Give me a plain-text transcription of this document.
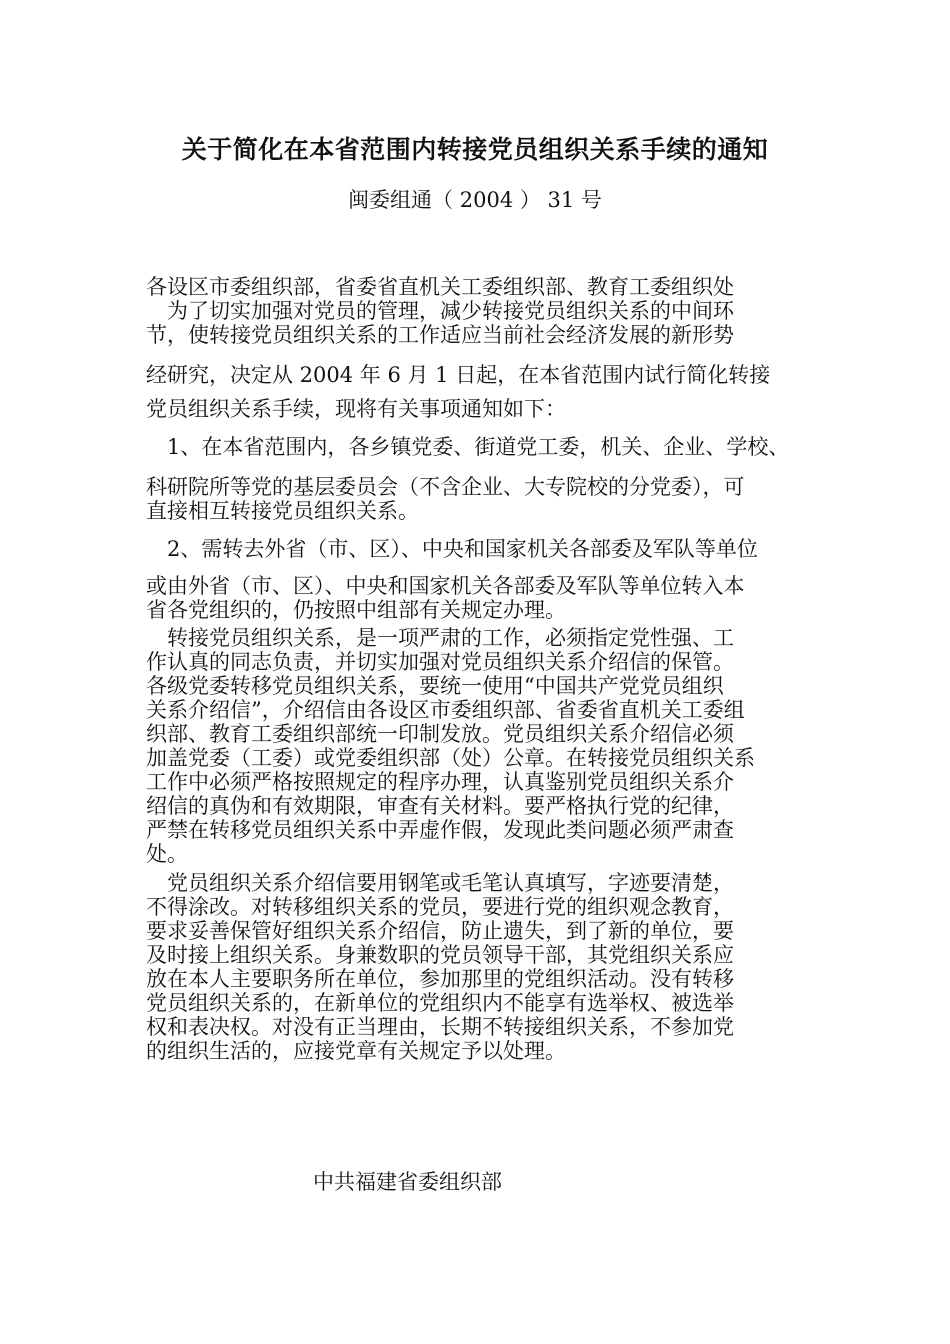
关于简化在本省范围内转接党员组织关系手续的通知
闽委组通（ 2004 ） 31 号
各设区市委组织部，省委省直机关工委组织部、教育工委组织处
　为了切实加强对党员的管理，减少转接党员组织关系的中间环
节，使转接党员组织关系的工作适应当前社会经济发展的新形势
经研究，决定从 2004 年 6 月 1 日起，在本省范围内试行简化转接
党员组织关系手续，现将有关事项通知如下：
　1、在本省范围内，各乡镇党委、街道党工委，机关、企业、学校、
科研院所等党的基层委员会（不含企业、大专院校的分党委），可
直接相互转接党员组织关系。
　2、需转去外省（市、区）、中央和国家机关各部委及军队等单位
或由外省（市、区）、中央和国家机关各部委及军队等单位转入本
省各党组织的，仍按照中组部有关规定办理。
　转接党员组织关系，是一项严肃的工作，必须指定党性强、工
作认真的同志负责，并切实加强对党员组织关系介绍信的保管。
各级党委转移党员组织关系，要统一使用“中国共产党党员组织
关系介绍信”，介绍信由各设区市委组织部、省委省直机关工委组
织部、教育工委组织部统一印制发放。党员组织关系介绍信必须
加盖党委（工委）或党委组织部（处）公章。在转接党员组织关系
工作中必须严格按照规定的程序办理，认真鉴别党员组织关系介
绍信的真伪和有效期限，审查有关材料。要严格执行党的纪律，
严禁在转移党员组织关系中弄虚作假，发现此类问题必须严肃查
处。
　党员组织关系介绍信要用钢笔或毛笔认真填写，字迹要清楚，
不得涂改。对转移组织关系的党员，要进行党的组织观念教育，
要求妥善保管好组织关系介绍信，防止遗失，到了新的单位，要
及时接上组织关系。身兼数职的党员领导干部，其党组织关系应
放在本人主要职务所在单位，参加那里的党组织活动。没有转移
党员组织关系的，在新单位的党组织内不能享有选举权、被选举
权和表决权。对没有正当理由，长期不转接组织关系，不参加党
的组织生活的，应接党章有关规定予以处理。
中共福建省委组织部
